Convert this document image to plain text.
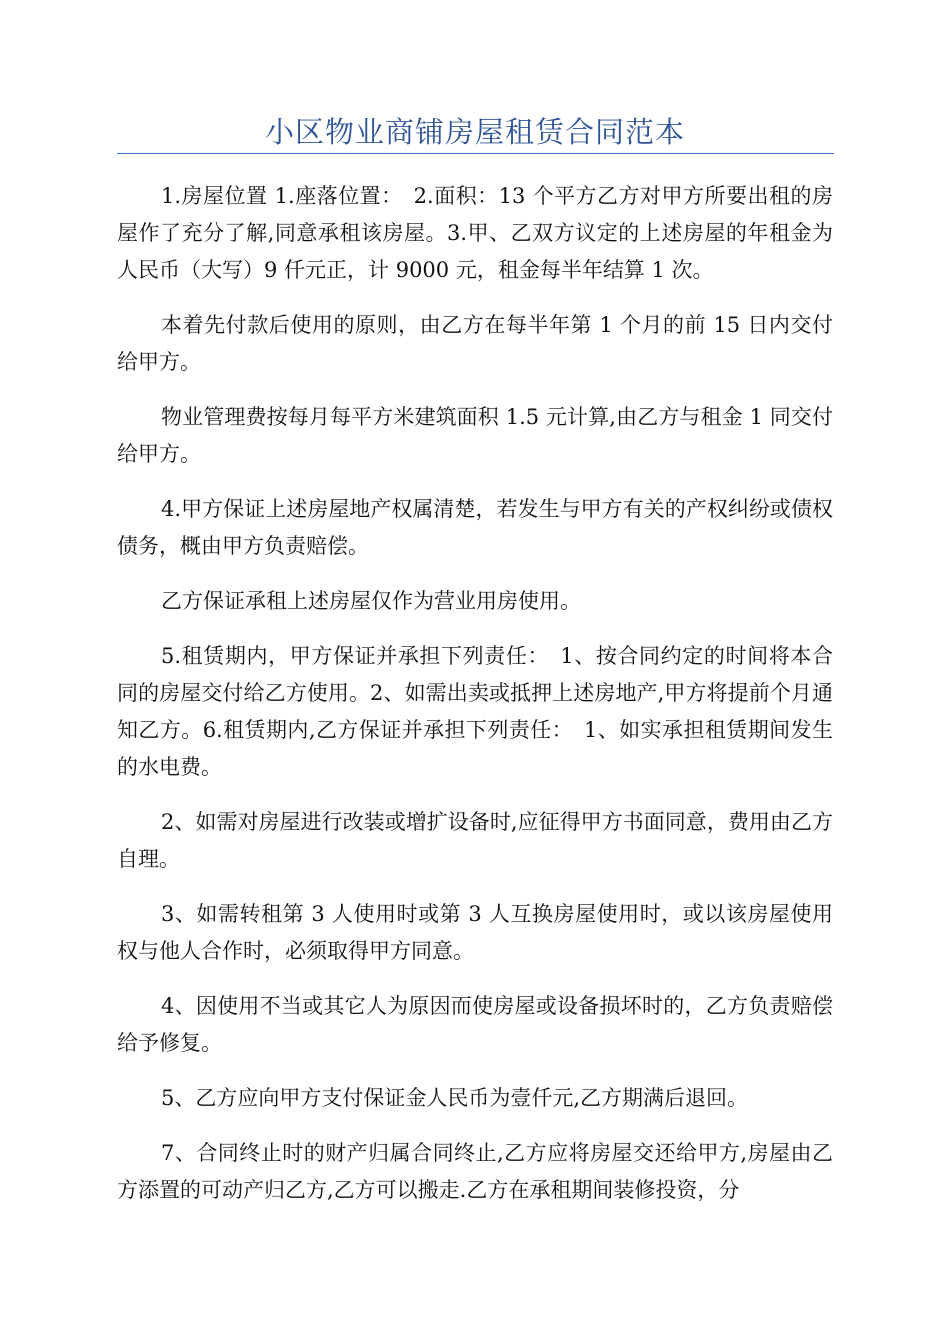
小区物业商铺房屋租赁合同范本

1.房屋位置 1.座落位置：　2.面积：13 个平方乙方对甲方所要出租的房屋作了充分了解,同意承租该房屋。3.甲、乙双方议定的上述房屋的年租金为人民币（大写）9 仟元正，计 9000 元，租金每半年结算 1 次。

本着先付款后使用的原则，由乙方在每半年第 1 个月的前 15 日内交付给甲方。

物业管理费按每月每平方米建筑面积 1.5 元计算,由乙方与租金 1 同交付给甲方。

4.甲方保证上述房屋地产权属清楚，若发生与甲方有关的产权纠纷或债权债务，概由甲方负责赔偿。

乙方保证承租上述房屋仅作为营业用房使用。

5.租赁期内，甲方保证并承担下列责任：　1、按合同约定的时间将本合同的房屋交付给乙方使用。2、如需出卖或抵押上述房地产,甲方将提前个月通知乙方。6.租赁期内,乙方保证并承担下列责任：　1、如实承担租赁期间发生的水电费。

2、如需对房屋进行改装或增扩设备时,应征得甲方书面同意，费用由乙方自理。

3、如需转租第 3 人使用时或第 3 人互换房屋使用时，或以该房屋使用权与他人合作时，必须取得甲方同意。

4、因使用不当或其它人为原因而使房屋或设备损坏时的，乙方负责赔偿给予修复。

5、乙方应向甲方支付保证金人民币为壹仟元,乙方期满后退回。

7、合同终止时的财产归属合同终止,乙方应将房屋交还给甲方,房屋由乙方添置的可动产归乙方,乙方可以搬走.乙方在承租期间装修投资，分
